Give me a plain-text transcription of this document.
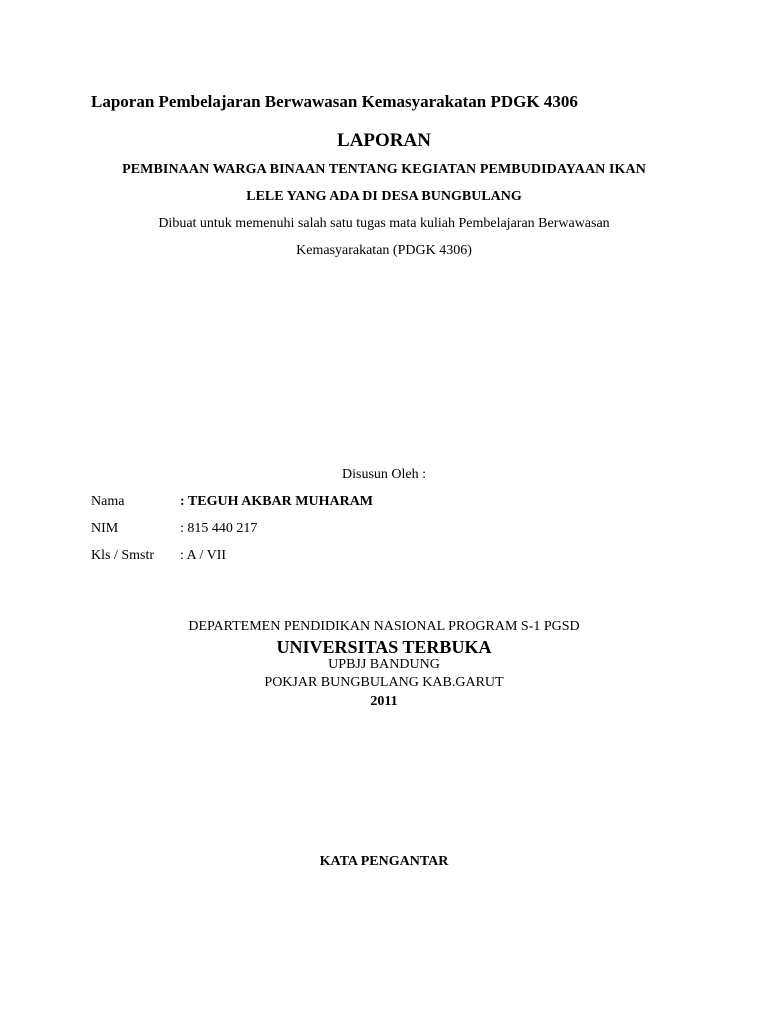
Laporan Pembelajaran Berwawasan Kemasyarakatan PDGK 4306
LAPORAN
PEMBINAAN WARGA BINAAN TENTANG KEGIATAN PEMBUDIDAYAAN IKAN
LELE YANG ADA DI DESA BUNGBULANG
Dibuat untuk memenuhi salah satu tugas mata kuliah Pembelajaran Berwawasan
Kemasyarakatan (PDGK 4306)
Disusun Oleh :
Nama	: TEGUH AKBAR MUHARAM
NIM	: 815 440 217
Kls / Smstr : A / VII
DEPARTEMEN PENDIDIKAN NASIONAL PROGRAM S-1 PGSD
UNIVERSITAS TERBUKA
UPBJJ BANDUNG
POKJAR BUNGBULANG KAB.GARUT
2011
KATA PENGANTAR
